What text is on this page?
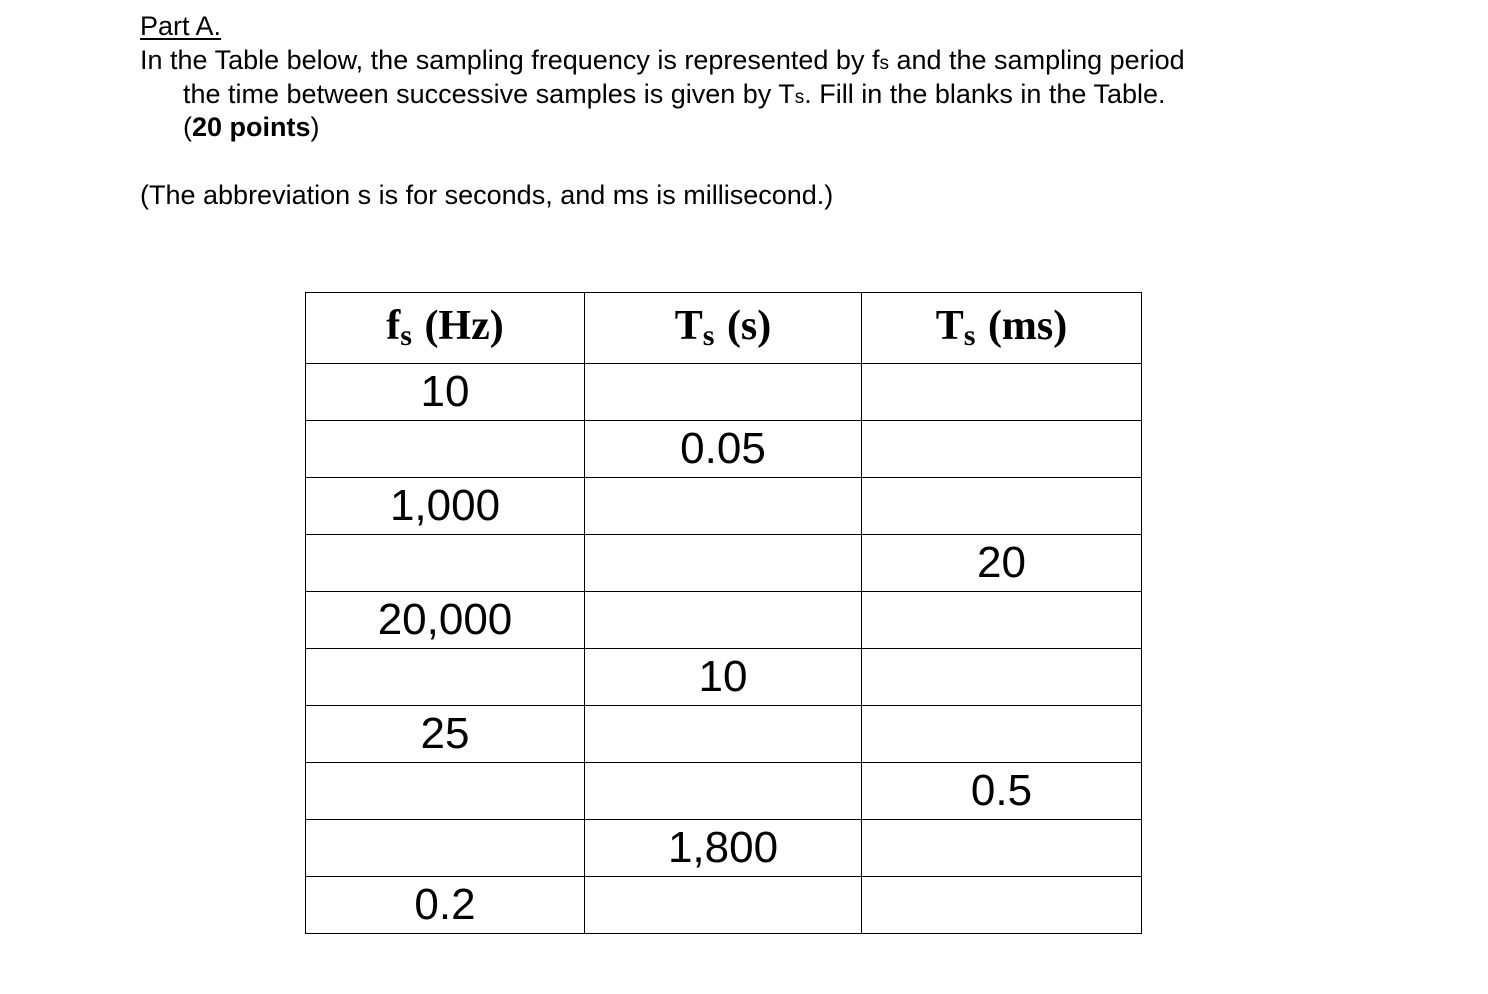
Part A.

In the Table below, the sampling frequency is represented by fs and the sampling period

the time between successive samples is given by Ts. Fill in the blanks in the Table.

(20 points)

(The abbreviation s is for seconds, and ms is millisecond.)

fs (Hz)	Ts (s)	Ts (ms)
10		
	0.05	
1,000		
		20
20,000		
	10	
25		
		0.5
	1,800	
0.2		
